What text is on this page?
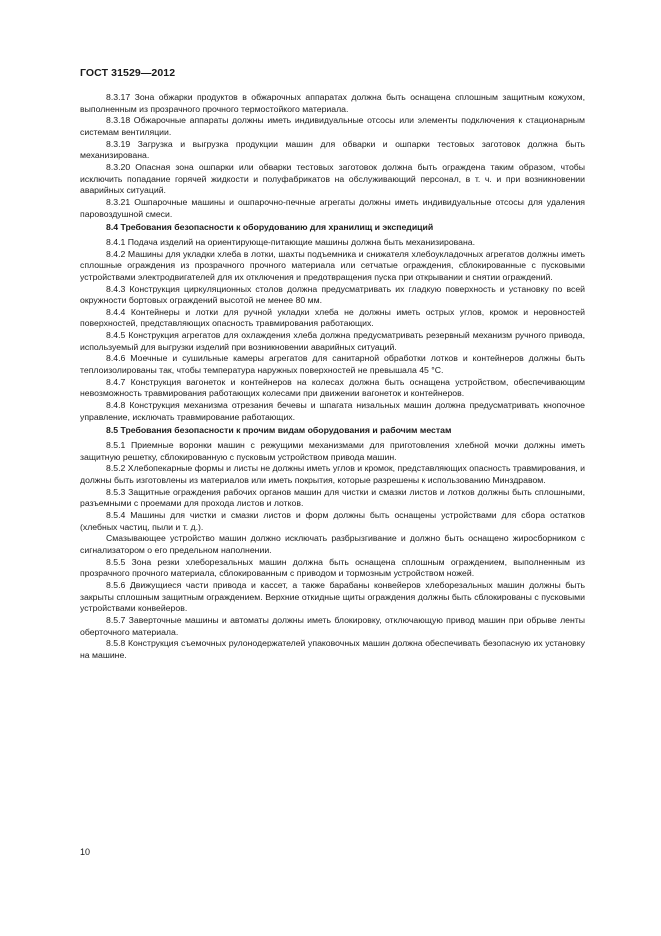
ГОСТ 31529—2012

8.3.17 Зона обжарки продуктов в обжарочных аппаратах должна быть оснащена сплошным защитным кожухом, выполненным из прозрачного прочного термостойкого материала.

8.3.18 Обжарочные аппараты должны иметь индивидуальные отсосы или элементы подключения к стационарным системам вентиляции.

8.3.19 Загрузка и выгрузка продукции машин для обварки и ошпарки тестовых заготовок должна быть механизирована.

8.3.20 Опасная зона ошпарки или обварки тестовых заготовок должна быть ограждена таким образом, чтобы исключить попадание горячей жидкости и полуфабрикатов на обслуживающий персонал, в т. ч. и при возникновении аварийных ситуаций.

8.3.21 Ошпарочные машины и ошпарочно-печные агрегаты должны иметь индивидуальные отсосы для удаления паровоздушной смеси.

8.4 Требования безопасности к оборудованию для хранилищ и экспедиций

8.4.1 Подача изделий на ориентирующе-питающие машины должна быть механизирована.

8.4.2 Машины для укладки хлеба в лотки, шахты подъемника и снижателя хлебоукладочных агрегатов должны иметь сплошные ограждения из прозрачного прочного материала или сетчатые ограждения, сблокированные с пусковыми устройствами электродвигателей для их отключения и предотвращения пуска при открывании и снятии ограждений.

8.4.3 Конструкция циркуляционных столов должна предусматривать их гладкую поверхность и установку по всей окружности бортовых ограждений высотой не менее 80 мм.

8.4.4 Контейнеры и лотки для ручной укладки хлеба не должны иметь острых углов, кромок и неровностей поверхностей, представляющих опасность травмирования работающих.

8.4.5 Конструкция агрегатов для охлаждения хлеба должна предусматривать резервный механизм ручного привода, используемый для выгрузки изделий при возникновении аварийных ситуаций.

8.4.6 Моечные и сушильные камеры агрегатов для санитарной обработки лотков и контейнеров должны быть теплоизолированы так, чтобы температура наружных поверхностей не превышала 45 °C.

8.4.7 Конструкция вагонеток и контейнеров на колесах должна быть оснащена устройством, обеспечивающим невозможность травмирования работающих колесами при движении вагонеток и контейнеров.

8.4.8 Конструкция механизма отрезания бечевы и шпагата низальных машин должна предусматривать кнопочное управление, исключать травмирование работающих.

8.5 Требования безопасности к прочим видам оборудования и рабочим местам

8.5.1 Приемные воронки машин с режущими механизмами для приготовления хлебной мочки должны иметь защитную решетку, сблокированную с пусковым устройством привода машин.

8.5.2 Хлебопекарные формы и листы не должны иметь углов и кромок, представляющих опасность травмирования, и должны быть изготовлены из материалов или иметь покрытия, которые разрешены к использованию Минздравом.

8.5.3 Защитные ограждения рабочих органов машин для чистки и смазки листов и лотков должны быть сплошными, разъемными с проемами для прохода листов и лотков.

8.5.4 Машины для чистки и смазки листов и форм должны быть оснащены устройствами для сбора остатков (хлебных частиц, пыли и т. д.).

Смазывающее устройство машин должно исключать разбрызгивание и должно быть оснащено жиросборником с сигнализатором о его предельном наполнении.

8.5.5 Зона резки хлеборезальных машин должна быть оснащена сплошным ограждением, выполненным из прозрачного прочного материала, сблокированным с приводом и тормозным устройством ножей.

8.5.6 Движущиеся части привода и кассет, а также барабаны конвейеров хлеборезальных машин должны быть закрыты сплошным защитным ограждением. Верхние откидные щиты ограждения должны быть сблокированы с пусковыми устройствами конвейеров.

8.5.7 Заверточные машины и автоматы должны иметь блокировку, отключающую привод машин при обрыве ленты оберточного материала.

8.5.8 Конструкция съемочных рулонодержателей упаковочных машин должна обеспечивать безопасную их установку на машине.

10
